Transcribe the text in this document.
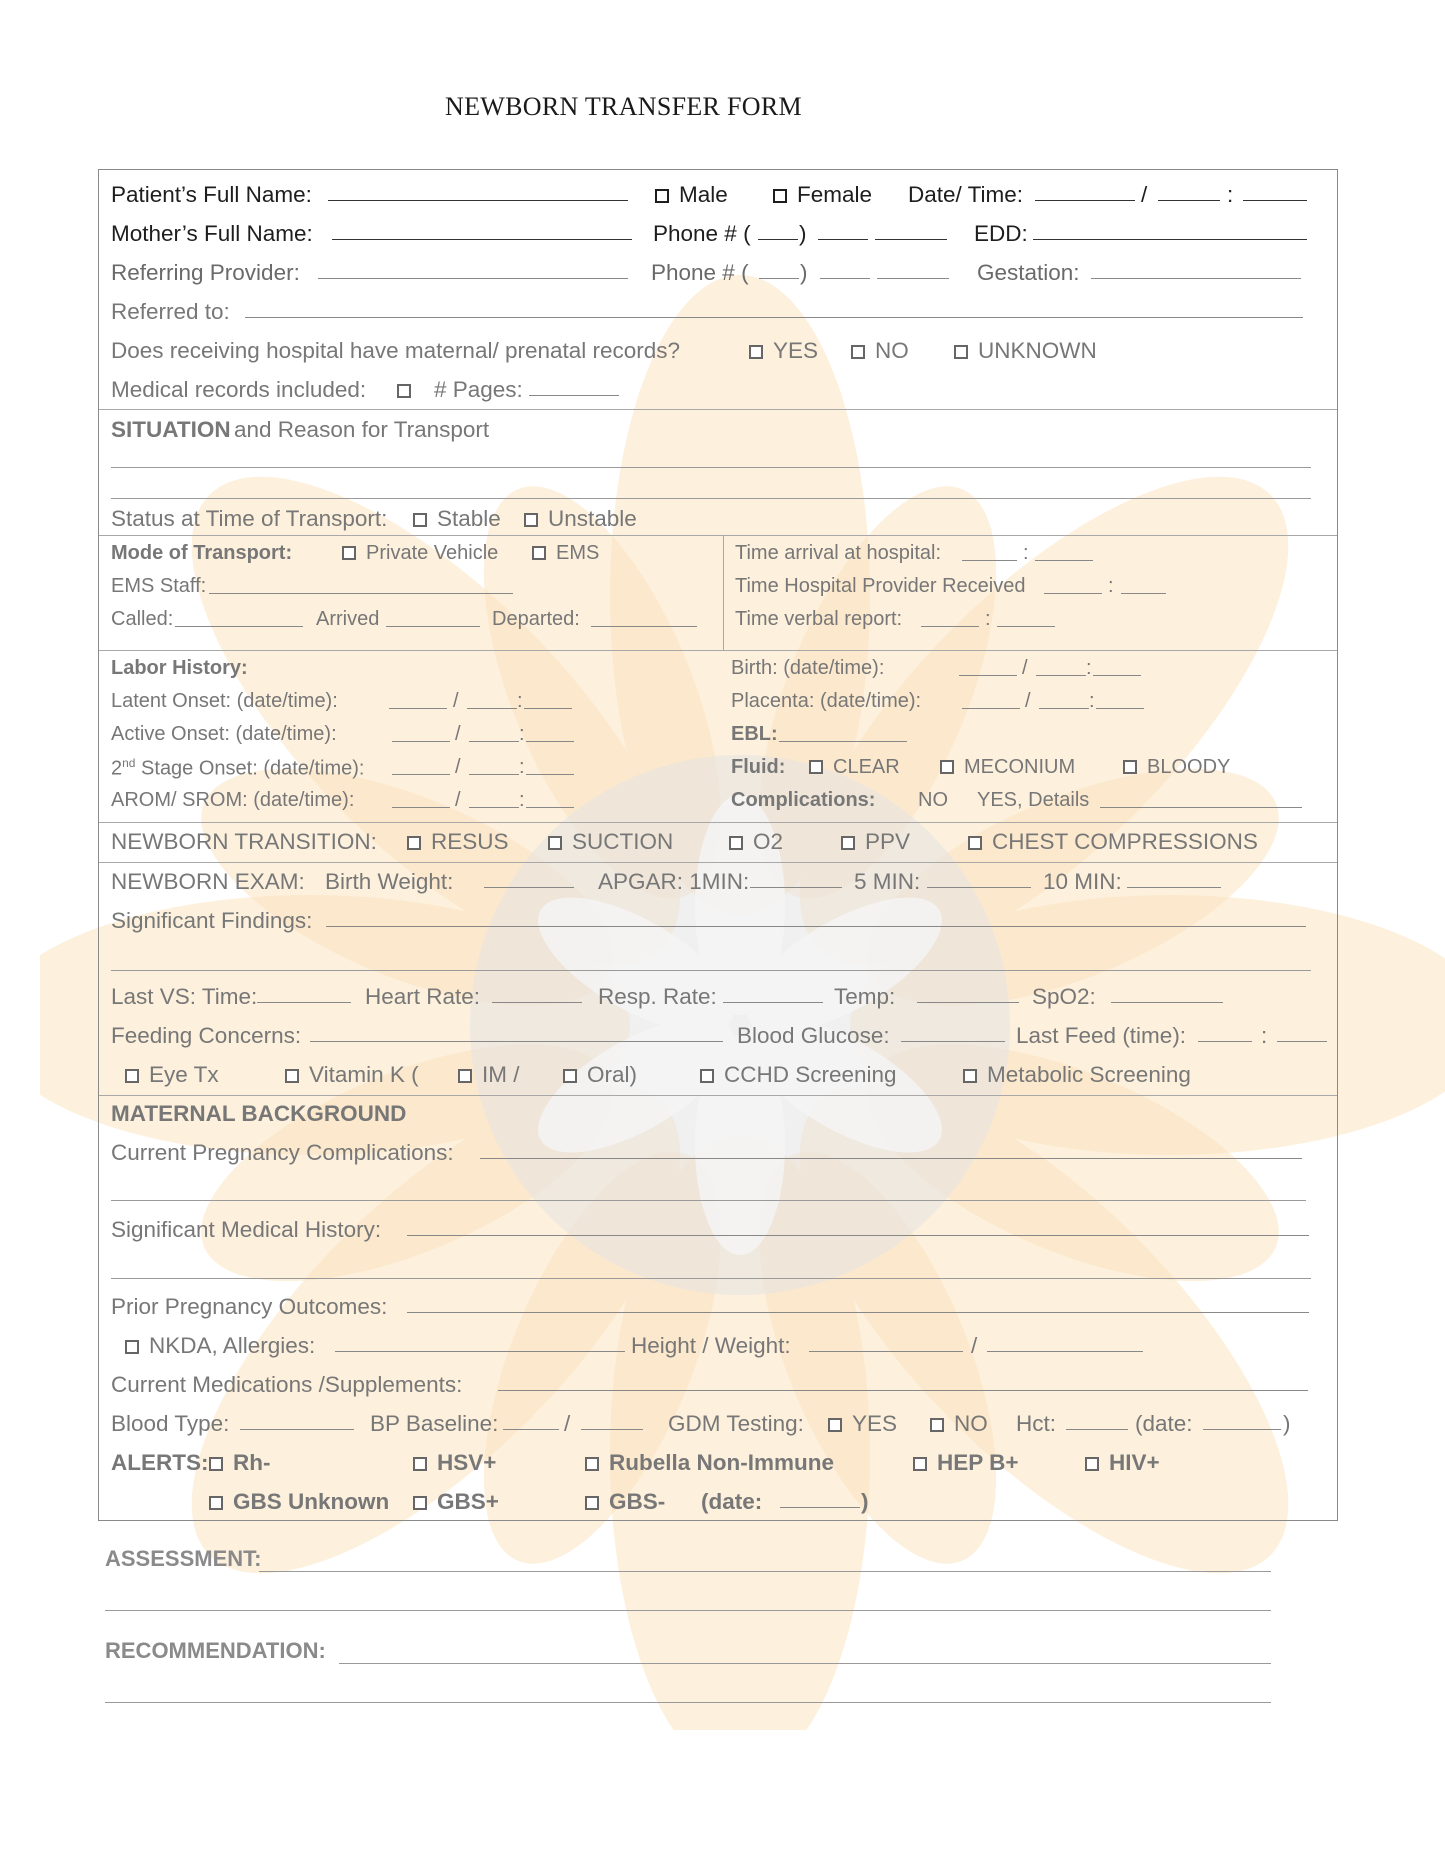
NEWBORN TRANSFER FORM
Patient’s Full Name:	Male	Female Date/ Time:	/	:
Mother’s Full Name:	Phone # ( )	EDD:
Referring Provider:	Phone # ( )	Gestation:
Referred to:
Does receiving hospital have maternal/ prenatal records?	YES	NO	UNKNOWN
Medical records included:	# Pages:
SITUATION and Reason for Transport
Status at Time of Transport:	Stable	Unstable
Mode of Transport:	Private Vehicle	EMS	Time arrival at hospital:	:
EMS Staff:	Time Hospital Provider Received	:
Called:	Arrived	Departed:	Time verbal report:	:
Labor History:	Birth: (date/time):	/	:
Latent Onset: (date/time):	/	:	Placenta: (date/time):	/	:
Active Onset: (date/time):	/	:	EBL:
2nd Stage Onset: (date/time):	/	:	Fluid:	CLEAR	MECONIUM	BLOODY
AROM/ SROM: (date/time):	/	:	Complications: NO YES, Details
NEWBORN TRANSITION:	RESUS	SUCTION	O2	PPV	CHEST COMPRESSIONS
NEWBORN EXAM: Birth Weight:	APGAR: 1MIN:	5 MIN:	10 MIN:
Significant Findings:
Last VS: Time:	Heart Rate:	Resp. Rate:	Temp:	SpO2:
Feeding Concerns:	Blood Glucose:	Last Feed (time):	:
Eye Tx	Vitamin K (	IM /	Oral)	CCHD Screening	Metabolic Screening
MATERNAL BACKGROUND
Current Pregnancy Complications:
Significant Medical History:
Prior Pregnancy Outcomes:
NKDA, Allergies:	Height / Weight:	/
Current Medications /Supplements:
Blood Type:	BP Baseline:	/	GDM Testing:	YES	NO Hct:	(date:	)
ALERTS:	Rh-	HSV+	Rubella Non-Immune	HEP B+	HIV+
GBS Unknown	GBS+	GBS- (date:	)
ASSESSMENT:
RECOMMENDATION:
